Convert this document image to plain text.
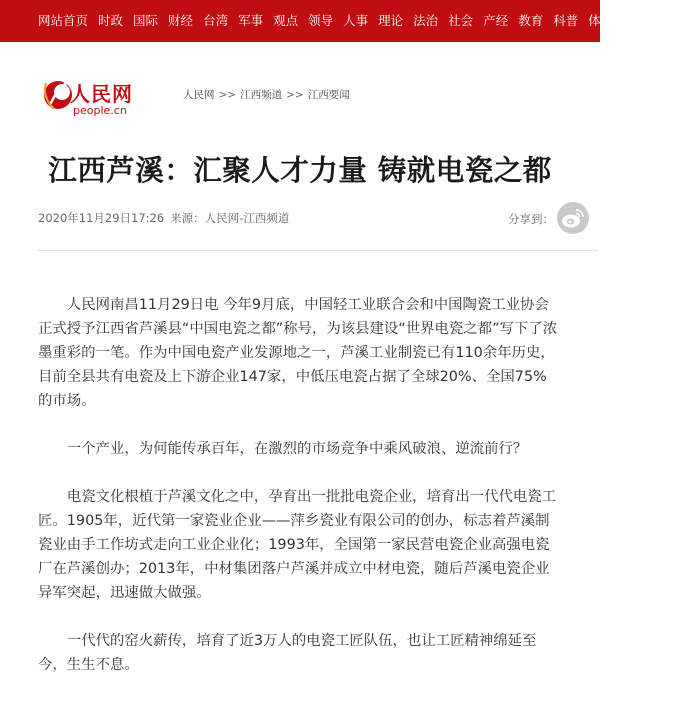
网站首页 时政 国际 财经 台湾 军事 观点 领导 人事 理论 法治 社会 产经 教育 科普 体育 文化 书画
人民网
people.cn
人民网 >> 江西频道 >> 江西要闻
江西芦溪：汇聚人才力量 铸就电瓷之都
2020年11月29日17:26 来源：人民网-江西频道	分享到：

人民网南昌11月29日电 今年9月底，中国轻工业联合会和中国陶瓷工业协会正式授予江西省芦溪县“中国电瓷之都”称号，为该县建设“世界电瓷之都”写下了浓墨重彩的一笔。作为中国电瓷产业发源地之一，芦溪工业制瓷已有110余年历史，目前全县共有电瓷及上下游企业147家，中低压电瓷占据了全球20%、全国75%的市场。

一个产业，为何能传承百年，在激烈的市场竞争中乘风破浪、逆流前行？

电瓷文化根植于芦溪文化之中，孕育出一批批电瓷企业，培育出一代代电瓷工匠。1905年，近代第一家瓷业企业——萍乡瓷业有限公司的创办，标志着芦溪制瓷业由手工作坊式走向工业企业化；1993年，全国第一家民营电瓷企业高强电瓷厂在芦溪创办；2013年，中材集团落户芦溪并成立中材电瓷，随后芦溪电瓷企业异军突起，迅速做大做强。

一代代的窑火薪传，培育了近3万人的电瓷工匠队伍，也让工匠精神绵延至今，生生不息。
